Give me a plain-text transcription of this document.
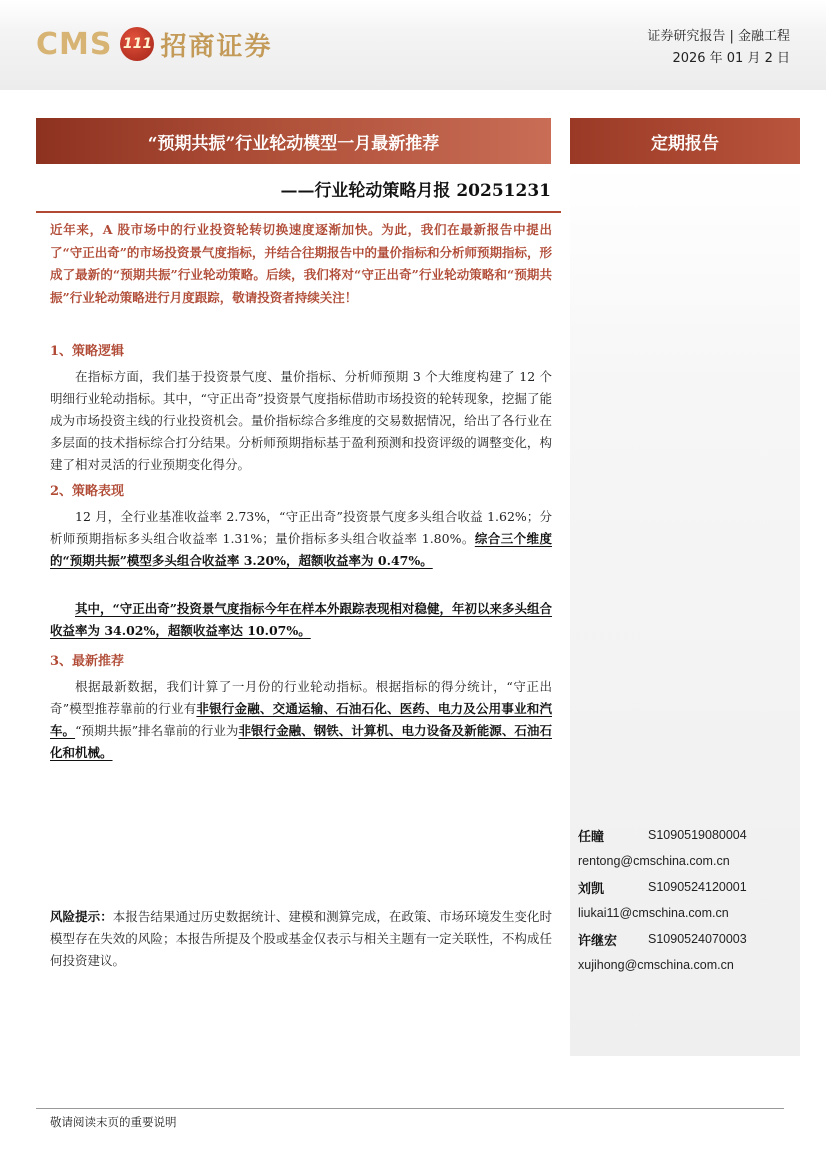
CMS 111 招商证券	证券研究报告 | 金融工程
2026 年 01 月 2 日
“预期共振”行业轮动模型一月最新推荐
——行业轮动策略月报 20251231
定期报告
近年来，A 股市场中的行业投资轮转切换速度逐渐加快。为此，我们在最新报告中提出了“守正出奇”的市场投资景气度指标，并结合往期报告中的量价指标和分析师预期指标，形成了最新的“预期共振”行业轮动策略。后续，我们将对“守正出奇”行业轮动策略和“预期共振”行业轮动策略进行月度跟踪，敬请投资者持续关注！
1、策略逻辑
在指标方面，我们基于投资景气度、量价指标、分析师预期 3 个大维度构建了 12 个明细行业轮动指标。其中，“守正出奇”投资景气度指标借助市场投资的轮转现象，挖掘了能成为市场投资主线的行业投资机会。量价指标综合多维度的交易数据情况，给出了各行业在多层面的技术指标综合打分结果。分析师预期指标基于盈利预测和投资评级的调整变化，构建了相对灵活的行业预期变化得分。
2、策略表现
12 月，全行业基准收益率 2.73%，“守正出奇”投资景气度多头组合收益 1.62%；分析师预期指标多头组合收益率 1.31%；量价指标多头组合收益率 1.80%。综合三个维度的“预期共振”模型多头组合收益率 3.20%，超额收益率为 0.47%。
其中，“守正出奇”投资景气度指标今年在样本外跟踪表现相对稳健，年初以来多头组合收益率为 34.02%，超额收益率达 10.07%。
3、最新推荐
根据最新数据，我们计算了一月份的行业轮动指标。根据指标的得分统计，“守正出奇”模型推荐靠前的行业有非银行金融、交通运输、石油石化、医药、电力及公用事业和汽车。“预期共振”排名靠前的行业为非银行金融、钢铁、计算机、电力设备及新能源、石油石化和机械。
任瞳	S1090519080004
rentong@cmschina.com.cn
刘凯	S1090524120001
liukai11@cmschina.com.cn
许继宏	S1090524070003
xujihong@cmschina.com.cn
风险提示：本报告结果通过历史数据统计、建模和测算完成，在政策、市场环境发生变化时模型存在失效的风险；本报告所提及个股或基金仅表示与相关主题有一定关联性，不构成任何投资建议。
敬请阅读末页的重要说明
